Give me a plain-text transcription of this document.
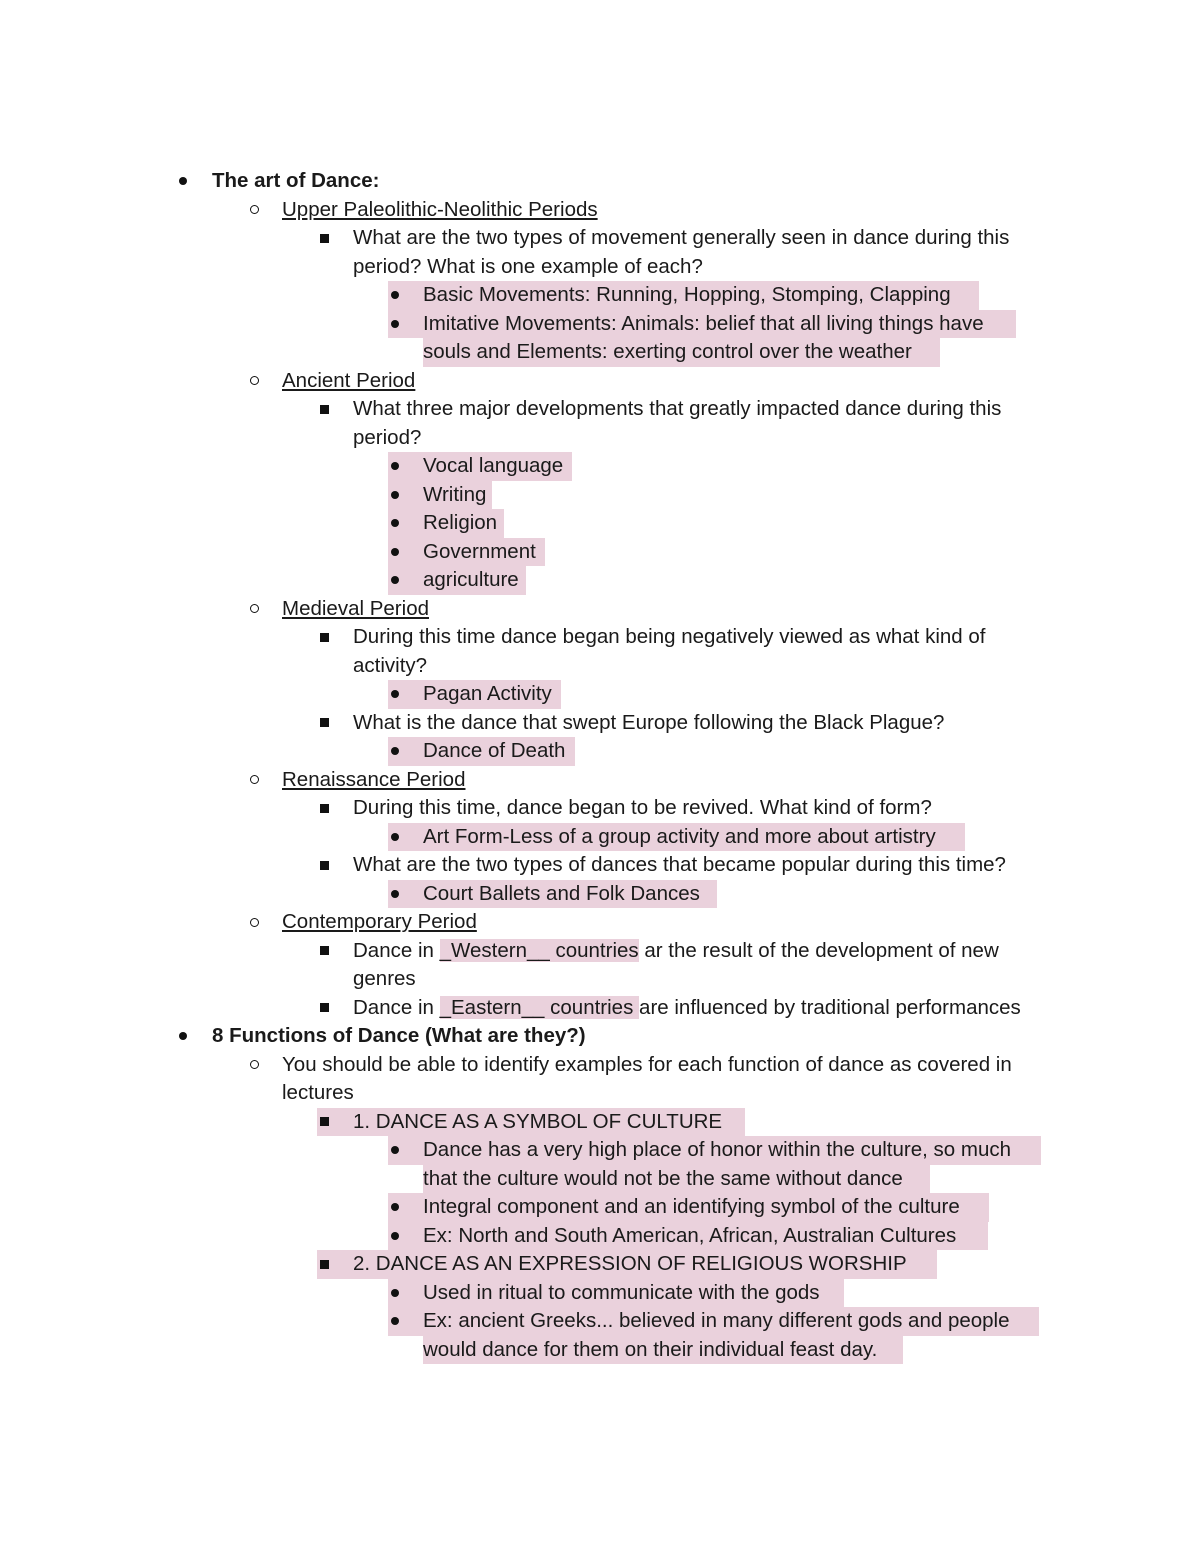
The art of Dance:
Upper Paleolithic-Neolithic Periods
What are the two types of movement generally seen in dance during this
period? What is one example of each?
Basic Movements: Running, Hopping, Stomping, Clapping
Imitative Movements: Animals: belief that all living things have
souls and Elements: exerting control over the weather
Ancient Period
What three major developments that greatly impacted dance during this
period?
Vocal language
Writing
Religion
Government
agriculture
Medieval Period
During this time dance began being negatively viewed as what kind of
activity?
Pagan Activity
What is the dance that swept Europe following the Black Plague?
Dance of Death
Renaissance Period
During this time, dance began to be revived. What kind of form?
Art Form-Less of a group activity and more about artistry
What are the two types of dances that became popular during this time?
Court Ballets and Folk Dances
Contemporary Period
Dance in _Western__ countries ar the result of the development of new
genres
Dance in _Eastern__ countries are influenced by traditional performances
8 Functions of Dance (What are they?)
You should be able to identify examples for each function of dance as covered in
lectures
1. DANCE AS A SYMBOL OF CULTURE
Dance has a very high place of honor within the culture, so much
that the culture would not be the same without dance
Integral component and an identifying symbol of the culture
Ex: North and South American, African, Australian Cultures
2. DANCE AS AN EXPRESSION OF RELIGIOUS WORSHIP
Used in ritual to communicate with the gods
Ex: ancient Greeks... believed in many different gods and people
would dance for them on their individual feast day.
